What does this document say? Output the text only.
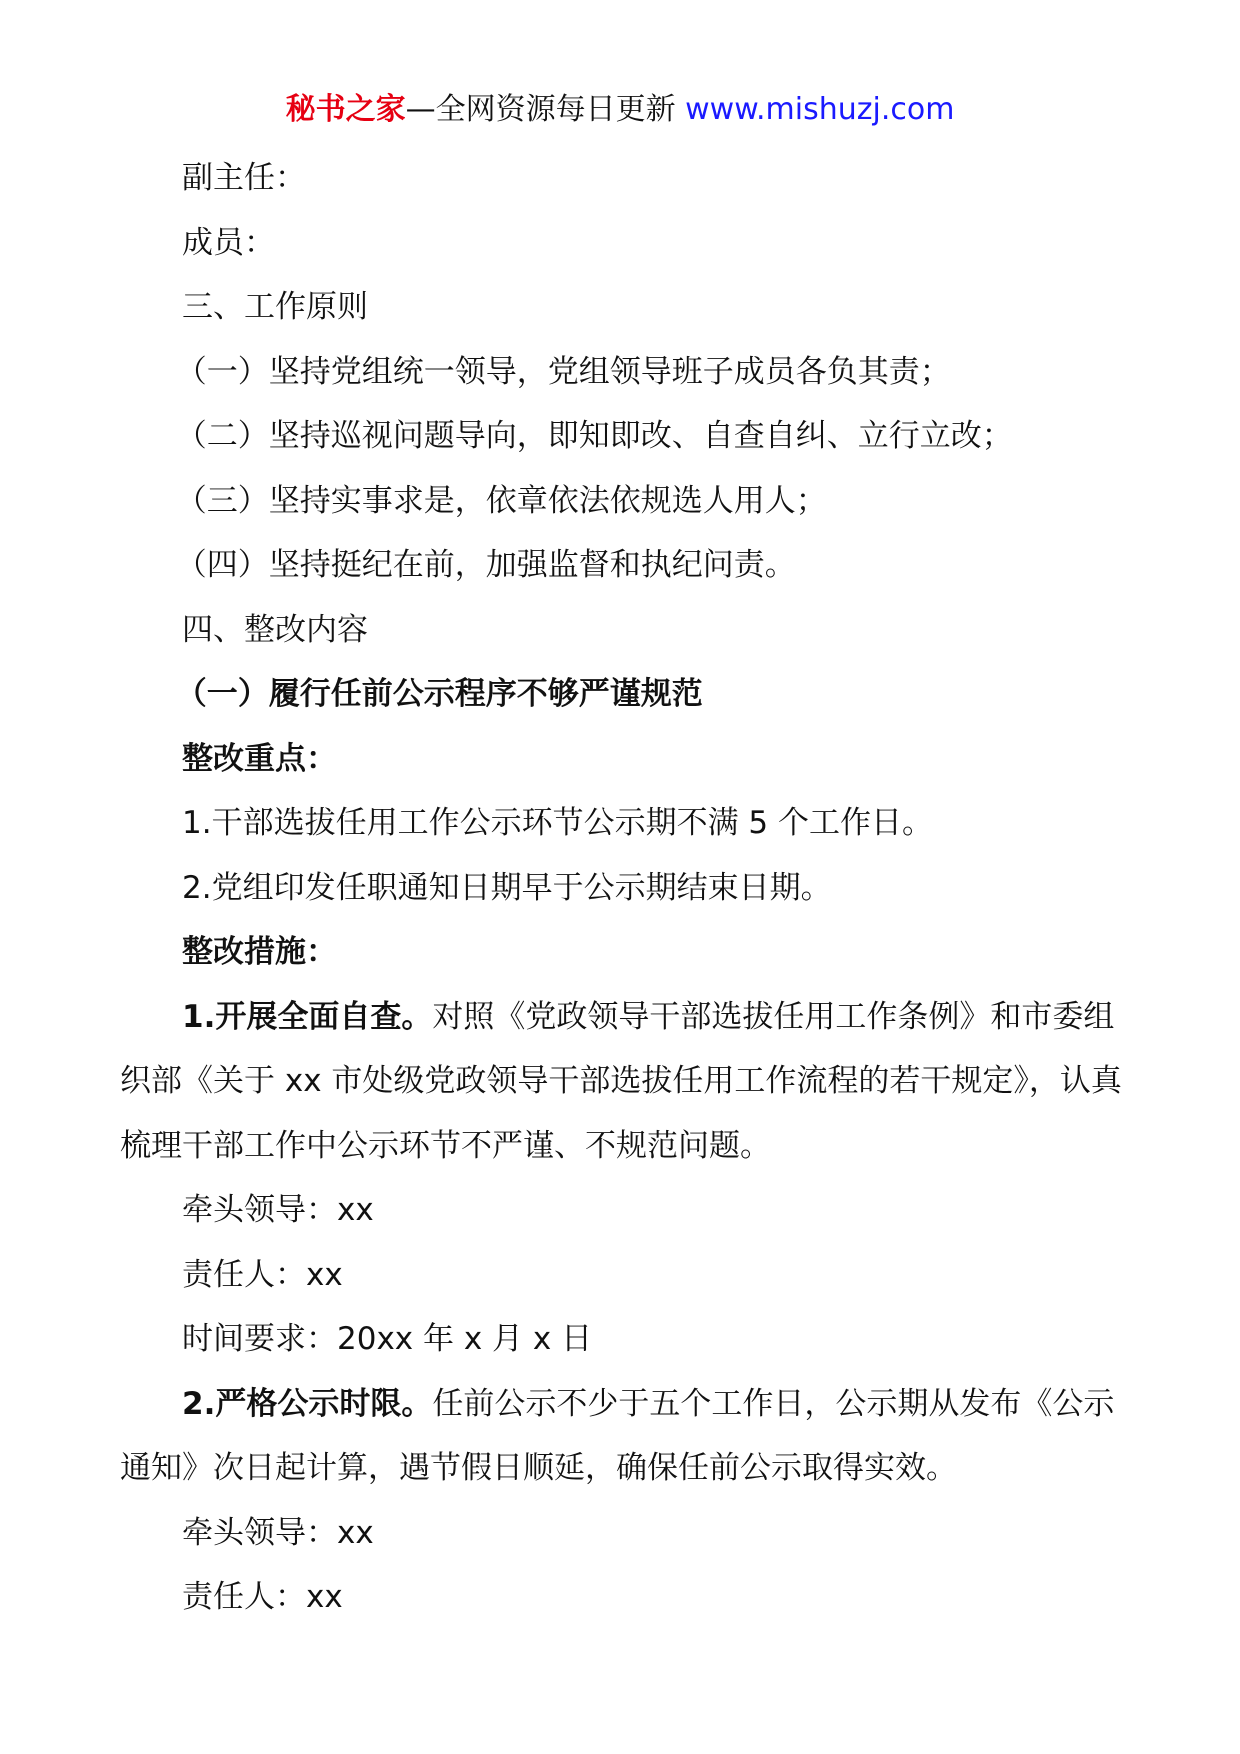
秘书之家—全网资源每日更新 www.mishuzj.com

副主任：

成员：

三、工作原则

（一）坚持党组统一领导，党组领导班子成员各负其责；

（二）坚持巡视问题导向，即知即改、自查自纠、立行立改；

（三）坚持实事求是，依章依法依规选人用人；

（四）坚持挺纪在前，加强监督和执纪问责。

四、整改内容

（一）履行任前公示程序不够严谨规范

整改重点：

1.干部选拔任用工作公示环节公示期不满 5 个工作日。

2.党组印发任职通知日期早于公示期结束日期。

整改措施：

1.开展全面自查。对照《党政领导干部选拔任用工作条例》和市委组织部《关于 xx 市处级党政领导干部选拔任用工作流程的若干规定》，认真梳理干部工作中公示环节不严谨、不规范问题。

牵头领导：xx

责任人：xx

时间要求：20xx 年 x 月 x 日

2.严格公示时限。任前公示不少于五个工作日，公示期从发布《公示通知》次日起计算，遇节假日顺延，确保任前公示取得实效。

牵头领导：xx

责任人：xx
